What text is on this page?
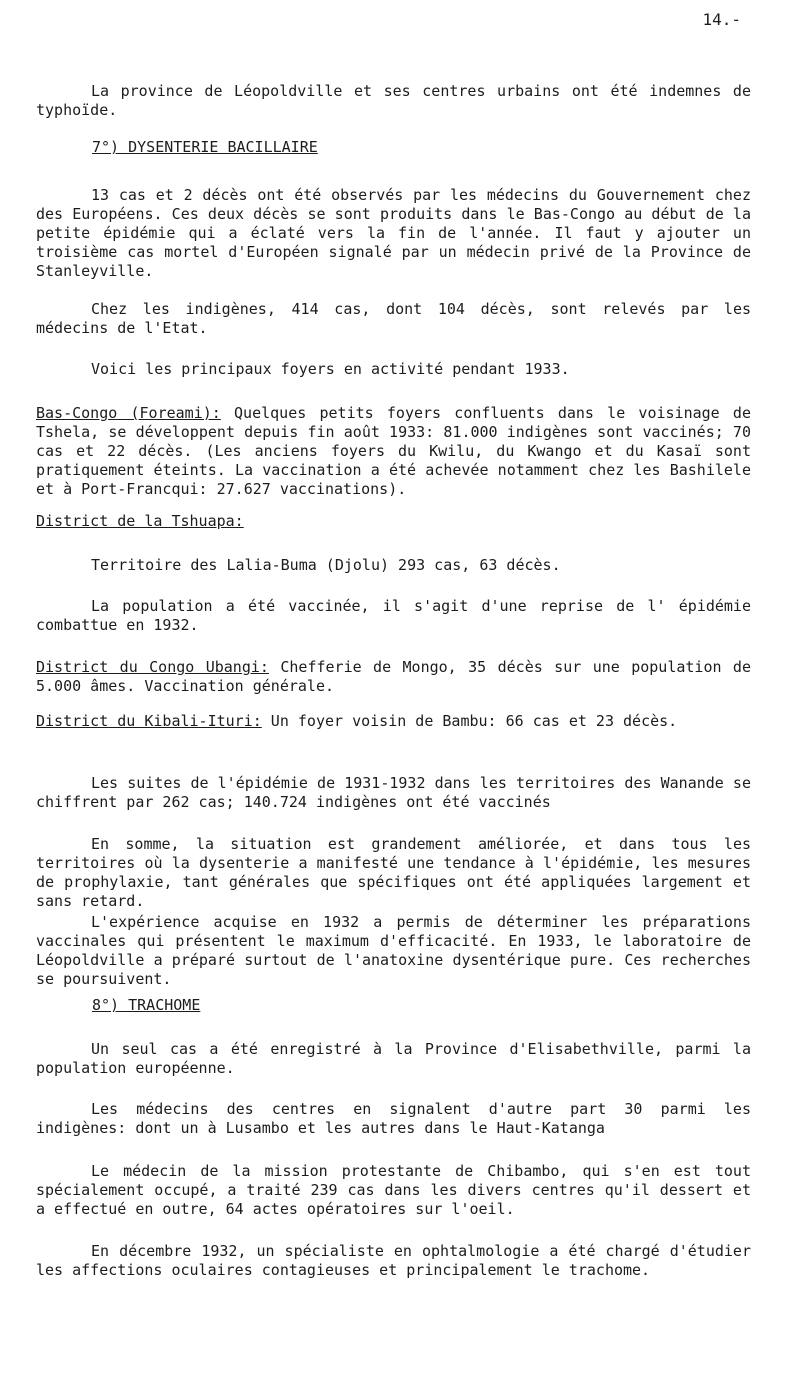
14.-

La province de Léopoldville et ses centres urbains ont été indemnes de typhoïde.

7°) DYSENTERIE BACILLAIRE

13 cas et 2 décès ont été observés par les médecins du Gouvernement chez des Européens. Ces deux décès se sont produits dans le Bas-Congo au début de la petite épidémie qui a éclaté vers la fin de l'année. Il faut y ajouter un troisième cas mortel d'Européen signalé par un médecin privé de la Province de Stanleyville.

Chez les indigènes, 414 cas, dont 104 décès, sont relevés par les médecins de l'Etat.

Voici les principaux foyers en activité pendant 1933.

Bas-Congo (Foreami): Quelques petits foyers confluents dans le voisinage de Tshela, se développent depuis fin août 1933: 81.000 indigènes sont vaccinés; 70 cas et 22 décès. (Les anciens foyers du Kwilu, du Kwango et du Kasaï sont pratiquement éteints. La vaccination a été achevée notamment chez les Bashilele et à Port-Francqui: 27.627 vaccinations).

District de la Tshuapa:

Territoire des Lalia-Buma (Djolu) 293 cas, 63 décès.

La population a été vaccinée, il s'agit d'une reprise de l' épidémie combattue en 1932.

District du Congo Ubangi: Chefferie de Mongo, 35 décès sur une population de 5.000 âmes. Vaccination générale.

District du Kibali-Ituri: Un foyer voisin de Bambu: 66 cas et 23 décès.

Les suites de l'épidémie de 1931-1932 dans les territoires des Wanande se chiffrent par 262 cas; 140.724 indigènes ont été vaccinés

En somme, la situation est grandement améliorée, et dans tous les territoires où la dysenterie a manifesté une tendance à l'épidémie, les mesures de prophylaxie, tant générales que spécifiques ont été appliquées largement et sans retard.

L'expérience acquise en 1932 a permis de déterminer les préparations vaccinales qui présentent le maximum d'efficacité. En 1933, le laboratoire de Léopoldville a préparé surtout de l'anatoxine dysentérique pure. Ces recherches se poursuivent.

8°) TRACHOME

Un seul cas a été enregistré à la Province d'Elisabethville, parmi la population européenne.

Les médecins des centres en signalent d'autre part 30 parmi les indigènes: dont un à Lusambo et les autres dans le Haut-Katanga

Le médecin de la mission protestante de Chibambo, qui s'en est tout spécialement occupé, a traité 239 cas dans les divers centres qu'il dessert et a effectué en outre, 64 actes opératoires sur l'oeil.

En décembre 1932, un spécialiste en ophtalmologie a été chargé d'étudier les affections oculaires contagieuses et principalement le trachome.
